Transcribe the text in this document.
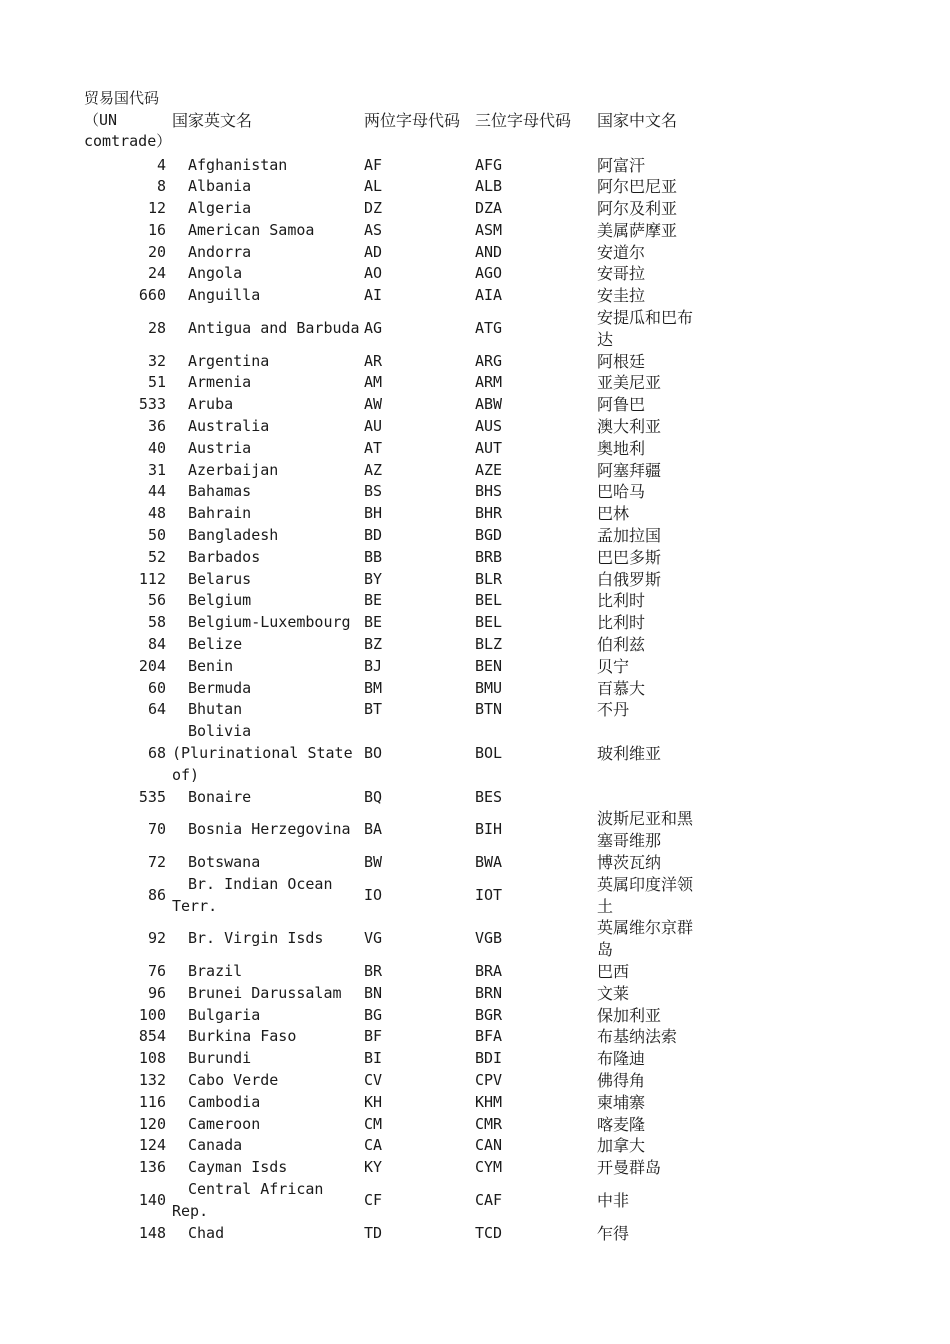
贸易国代码（UN comtrade）	国家英文名	两位字母代码	三位字母代码	国家中文名
4	Afghanistan	AF	AFG	阿富汗
8	Albania	AL	ALB	阿尔巴尼亚
12	Algeria	DZ	DZA	阿尔及利亚
16	American Samoa	AS	ASM	美属萨摩亚
20	Andorra	AD	AND	安道尔
24	Angola	AO	AGO	安哥拉
660	Anguilla	AI	AIA	安圭拉
28	Antigua and Barbuda	AG	ATG	安提瓜和巴布达
32	Argentina	AR	ARG	阿根廷
51	Armenia	AM	ARM	亚美尼亚
533	Aruba	AW	ABW	阿鲁巴
36	Australia	AU	AUS	澳大利亚
40	Austria	AT	AUT	奥地利
31	Azerbaijan	AZ	AZE	阿塞拜疆
44	Bahamas	BS	BHS	巴哈马
48	Bahrain	BH	BHR	巴林
50	Bangladesh	BD	BGD	孟加拉国
52	Barbados	BB	BRB	巴巴多斯
112	Belarus	BY	BLR	白俄罗斯
56	Belgium	BE	BEL	比利时
58	Belgium-Luxembourg	BE	BEL	比利时
84	Belize	BZ	BLZ	伯利兹
204	Benin	BJ	BEN	贝宁
60	Bermuda	BM	BMU	百慕大
64	Bhutan	BT	BTN	不丹
68	Bolivia (Plurinational State of)	BO	BOL	玻利维亚
535	Bonaire	BQ	BES	
70	Bosnia Herzegovina	BA	BIH	波斯尼亚和黑塞哥维那
72	Botswana	BW	BWA	博茨瓦纳
86	Br. Indian Ocean Terr.	IO	IOT	英属印度洋领土
92	Br. Virgin Isds	VG	VGB	英属维尔京群岛
76	Brazil	BR	BRA	巴西
96	Brunei Darussalam	BN	BRN	文莱
100	Bulgaria	BG	BGR	保加利亚
854	Burkina Faso	BF	BFA	布基纳法索
108	Burundi	BI	BDI	布隆迪
132	Cabo Verde	CV	CPV	佛得角
116	Cambodia	KH	KHM	柬埔寨
120	Cameroon	CM	CMR	喀麦隆
124	Canada	CA	CAN	加拿大
136	Cayman Isds	KY	CYM	开曼群岛
140	Central African Rep.	CF	CAF	中非
148	Chad	TD	TCD	乍得
